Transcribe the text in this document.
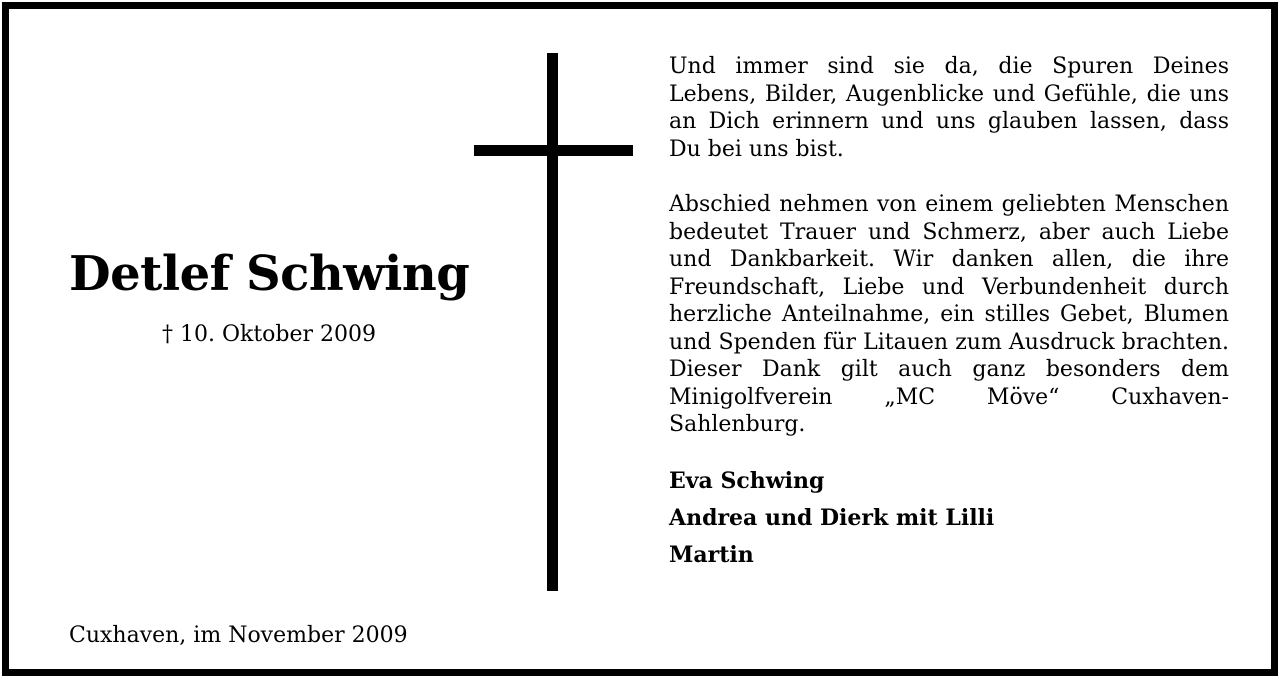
Detlef Schwing
† 10. Oktober 2009
Cuxhaven, im November 2009

Und immer sind sie da, die Spuren Deines Lebens, Bilder, Augenblicke und Gefühle, die uns an Dich erinnern und uns glauben lassen, dass Du bei uns bist.

Abschied nehmen von einem geliebten Menschen bedeutet Trauer und Schmerz, aber auch Liebe und Dankbarkeit. Wir danken allen, die ihre Freundschaft, Liebe und Verbundenheit durch herzliche Anteilnahme, ein stilles Gebet, Blumen und Spenden für Litauen zum Ausdruck brachten. Dieser Dank gilt auch ganz besonders dem Minigolfverein „MC Möve“ Cuxhaven-Sahlenburg.

Eva Schwing
Andrea und Dierk mit Lilli
Martin
